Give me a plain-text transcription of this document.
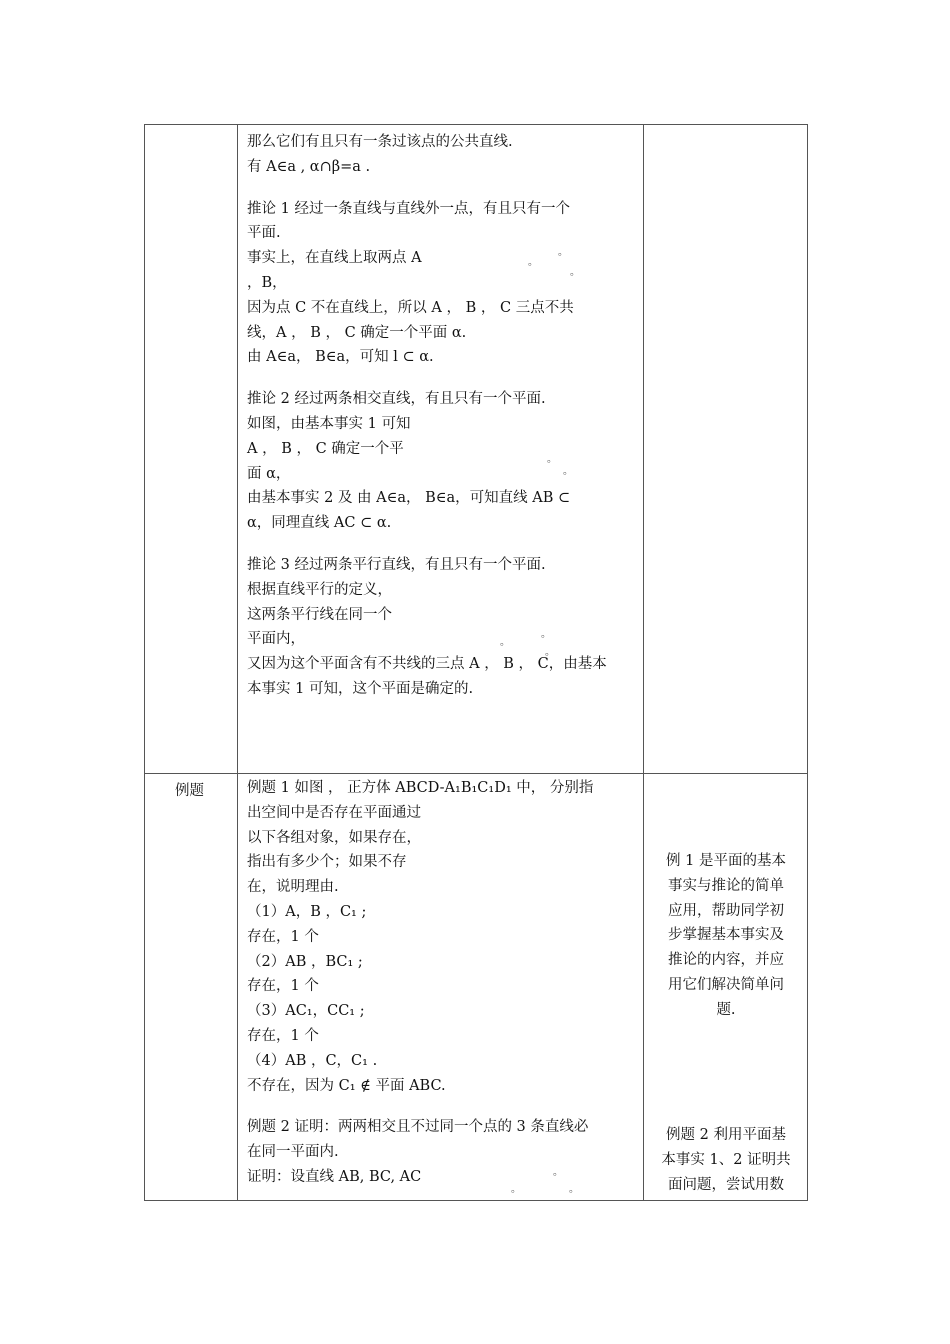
例题
那么它们有且只有一条过该点的公共直线.
有 A∈a , α∩β=a .
推论 1 经过一条直线与直线外一点，有且只有一个
平面.
事实上，在直线上取两点 A
，B，
因为点 C 不在直线上，所以 A ， B ， C 三点不共
线，A ， B ， C 确定一个平面 α.
由 A∈a， B∈a，可知 l ⊂ α.
推论 2 经过两条相交直线，有且只有一个平面.
如图，由基本事实 1 可知
A ， B ， C 确定一个平
面 α，
由基本事实 2 及 由 A∈a， B∈a，可知直线 AB ⊂
α，同理直线 AC ⊂ α.
推论 3 经过两条平行直线，有且只有一个平面.
根据直线平行的定义，
这两条平行线在同一个
平面内，
又因为这个平面含有不共线的三点 A ， B ， C，由基本
本事实 1 可知，这个平面是确定的.
。
。
。
。
。
。
。
。
例题 1 如图 ， 正方体 ABCD-A₁B₁C₁D₁ 中， 分别指
出空间中是否存在平面通过
以下各组对象，如果存在，
指出有多少个；如果不存
在，说明理由.
（1）A，B ，C₁ ;
存在，1 个
（2）AB ，BC₁ ;
存在，1 个
（3）AC₁，CC₁ ;
存在，1 个
（4）AB ，C，C₁ .
不存在，因为 C₁ ∉ 平面 ABC.
例题 2 证明：两两相交且不过同一个点的 3 条直线必
在同一平面内.
证明：设直线 AB, BC, AC	。
。	。
例 1 是平面的基本
事实与推论的简单
应用，帮助同学初
步掌握基本事实及
推论的内容，并应
用它们解决简单问
题.
例题 2 利用平面基
本事实 1、2 证明共
面问题，尝试用数
